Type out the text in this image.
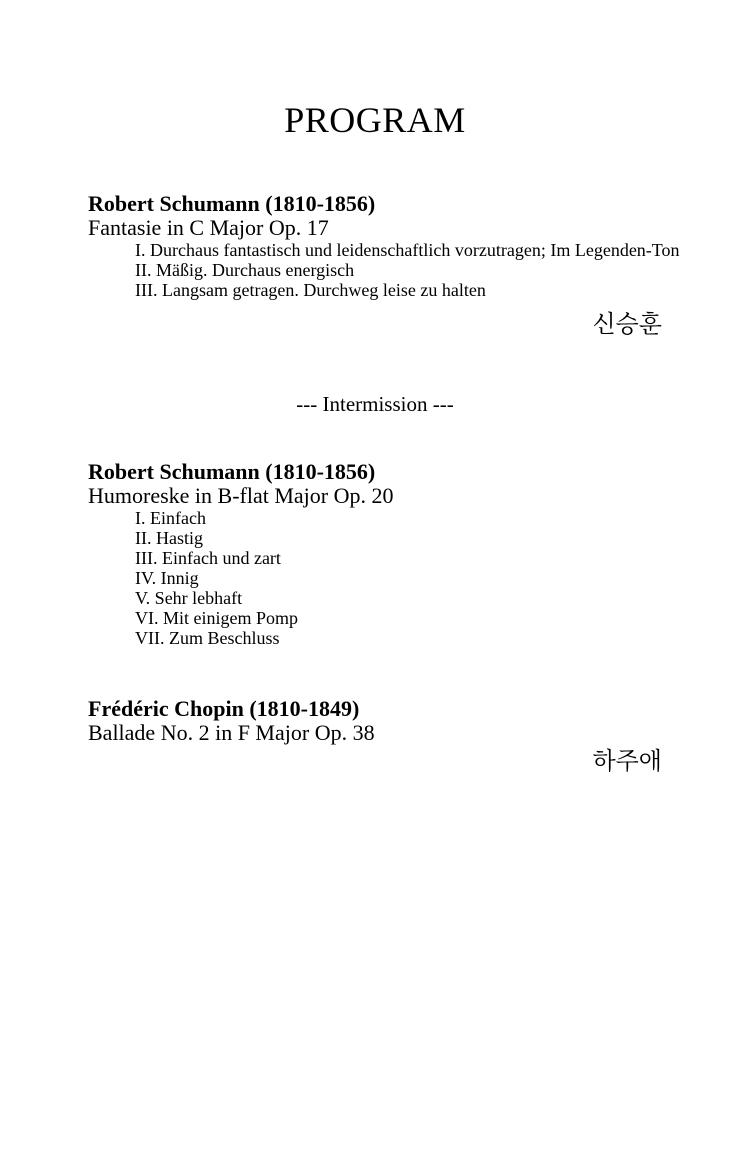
PROGRAM

Robert Schumann (1810-1856)

Fantasie in C Major Op. 17

I. Durchaus fantastisch und leidenschaftlich vorzutragen; Im Legenden-Ton
II. Mäßig. Durchaus energisch
III. Langsam getragen. Durchweg leise zu halten

신승훈

--- Intermission ---

Robert Schumann (1810-1856)

Humoreske in B-flat Major Op. 20

I. Einfach
II. Hastig
III. Einfach und zart
IV. Innig
V. Sehr lebhaft
VI. Mit einigem Pomp
VII. Zum Beschluss

Frédéric Chopin (1810-1849)

Ballade No. 2 in F Major Op. 38

하주애
